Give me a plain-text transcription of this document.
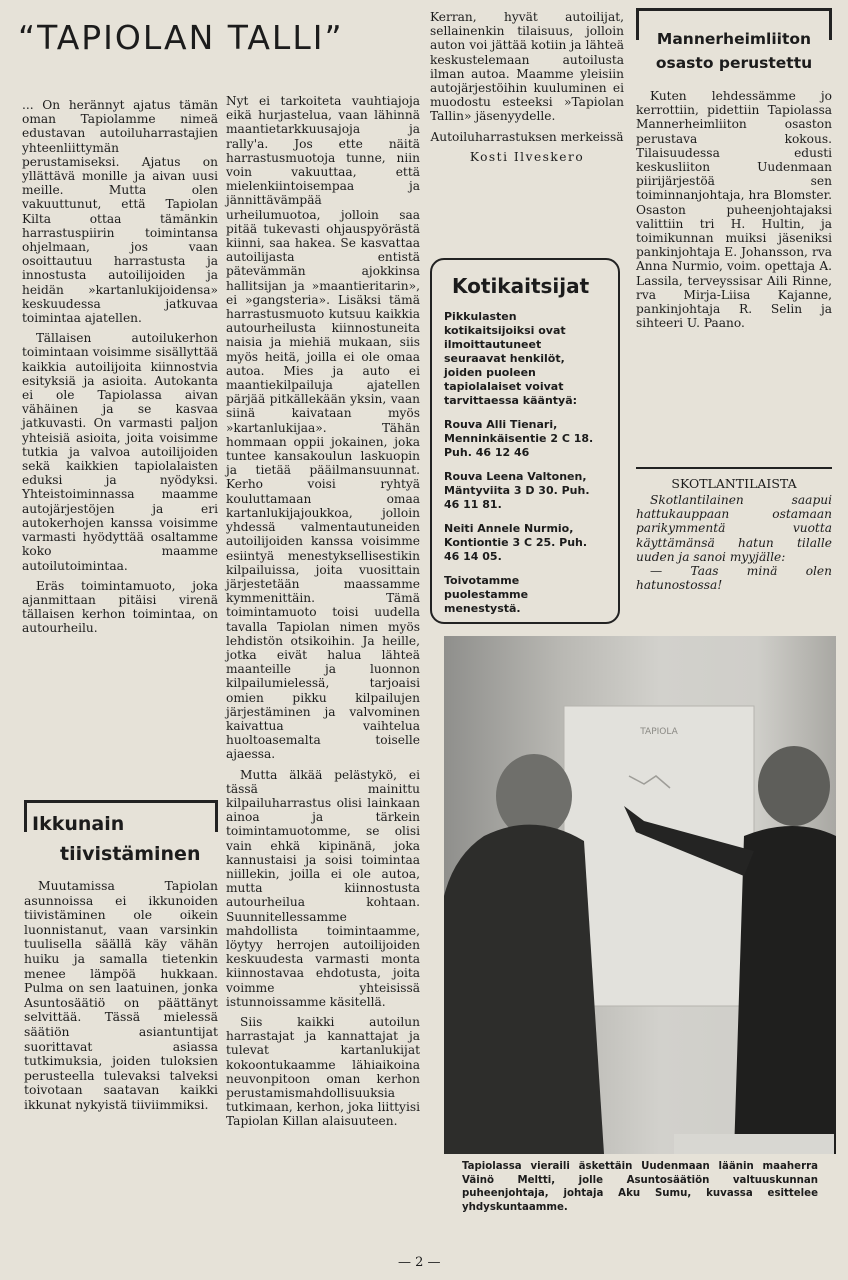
“TAPIOLAN TALLI”

... On herännyt ajatus tämän oman Tapiolamme nimeä edustavan autoiluharrastajien yhteenliittymän perustamiseksi. Ajatus on yllättävä monille ja aivan uusi meille. Mutta olen vakuuttunut, että Tapiolan Kilta ottaa tämänkin harrastuspiirin toimintansa ohjelmaan, jos vaan osoittautuu harrastusta ja innostusta autoilijoiden ja heidän »kartanlukijoidensa» keskuudessa jatkuvaa toimintaa ajatellen.

Tällaisen autoilukerhon toimintaan voisimme sisällyttää kaikkia autoilijoita kiinnostvia esityksiä ja asioita. Autokanta ei ole Tapiolassa aivan vähäinen ja se kasvaa jatkuvasti. On varmasti paljon yhteisiä asioita, joita voisimme tutkia ja valvoa autoilijoiden sekä kaikkien tapiolalaisten eduksi ja nyödyksi. Yhteistoiminnassa maamme autojärjestöjen ja eri autokerhojen kanssa voisimme varmasti hyödyttää osaltamme koko maamme autoilutoimintaa.

Eräs toimintamuoto, joka ajanmittaan pitäisi virenä tällaisen kerhon toimintaa, on autourheilu.

Ikkunain
tiivistäminen

Muutamissa Tapiolan asunnoissa ei ikkunoiden tiivistäminen ole oikein luonnistanut, vaan varsinkin tuulisella säällä käy vähän huiku ja samalla tietenkin menee lämpöä hukkaan. Pulma on sen laatuinen, jonka Asuntosäätiö on päättänyt selvittää. Tässä mielessä säätiön asiantuntijat suorittavat asiassa tutkimuksia, joiden tuloksien perusteella tulevaksi talveksi toivotaan saatavan kaikki ikkunat nykyistä tiiviimmiksi.

Nyt ei tarkoiteta vauhtiajoja eikä hurjastelua, vaan lähinnä maantietarkkuusajoja ja rally'a. Jos ette näitä harrastusmuotoja tunne, niin voin vakuuttaa, että mielenkiintoisempaa ja jännittävämpää urheilumuotoa, jolloin saa pitää tukevasti ohjauspyörästä kiinni, saa hakea. Se kasvattaa autoilijasta entistä pätevämmän ajokkinsa hallitsijan ja »maantieritarin», ei »gangsteria». Lisäksi tämä harrastusmuoto kutsuu kaikkia autourheilusta kiinnostuneita naisia ja miehiä mukaan, siis myös heitä, joilla ei ole omaa autoa. Mies ja auto ei maantiekilpailuja ajatellen pärjää pitkällekään yksin, vaan siinä kaivataan myös »kartanlukijaa». Tähän hommaan oppii jokainen, joka tuntee kansakoulun laskuopin ja tietää pääilmansuunnat. Kerho voisi ryhtyä kouluttamaan omaa kartanlukijajoukkoa, jolloin yhdessä valmentautuneiden autoilijoiden kanssa voisimme esiintyä menestyksellisestikin kilpailuissa, joita vuosittain järjestetään maassamme kymmenittäin. Tämä toimintamuoto toisi uudella tavalla Tapiolan nimen myös lehdistön otsikoihin. Ja heille, jotka eivät halua lähteä maanteille ja luonnon kilpailumielessä, tarjoaisi omien pikku kilpailujen järjestäminen ja valvominen kaivattua vaihtelua huoltoasemalta toiselle ajaessa.

Mutta älkää pelästykö, ei tässä mainittu kilpailuharrastus olisi lainkaan ainoa ja tärkein toimintamuotomme, se olisi vain ehkä kipinänä, joka kannustaisi ja soisi toimintaa niillekin, joilla ei ole autoa, mutta kiinnostusta autourheilua kohtaan. Suunnitellessamme mahdollista toimintaamme, löytyy herrojen autoilijoiden keskuudesta varmasti monta kiinnostavaa ehdotusta, joita voimme yhteisissä istunnoissamme käsitellä.

Siis kaikki autoilun harrastajat ja kannattajat ja tulevat kartanlukijat kokoontukaamme lähiaikoina neuvonpitoon oman kerhon perustamismahdollisuuksia tutkimaan, kerhon, joka liittyisi Tapiolan Killan alaisuuteen.

Kerran, hyvät autoilijat, sellainenkin tilaisuus, jolloin auton voi jättää kotiin ja lähteä keskustelemaan autoilusta ilman autoa. Maamme yleisiin autojärjestöihin kuuluminen ei muodostu esteeksi »Tapiolan Tallin» jäsenyydelle.

Autoiluharrastuksen merkeissä

Kosti Ilveskero

Kotikaitsijat

Pikkulasten kotikaitsijoiksi ovat ilmoittautuneet seuraavat henkilöt, joiden puoleen tapiolalaiset voivat tarvittaessa kääntyä:

Rouva Alli Tienari, Menninkäisentie 2 C 18. Puh. 46 12 46

Rouva Leena Valtonen, Mäntyviita 3 D 30. Puh. 46 11 81.

Neiti Annele Nurmio, Kontiontie 3 C 25. Puh. 46 14 05.

Toivotamme puolestamme menestystä.

Mannerheimliiton
osasto perustettu

Kuten lehdessämme jo kerrottiin, pidettiin Tapiolassa Mannerheimliiton osaston perustava kokous. Tilaisuudessa edusti keskusliiton Uudenmaan piirijärjestöä sen toiminnanjohtaja, hra Blomster. Osaston puheenjohtajaksi valittiin tri H. Hultin, ja toimikunnan muiksi jäseniksi pankinjohtaja E. Johansson, rva Anna Nurmio, voim. opettaja A. Lassila, terveyssisar Aili Rinne, rva Mirja-Liisa Kajanne, pankinjohtaja R. Selin ja sihteeri U. Paano.

SKOTLANTILAISTA

Skotlantilainen saapui hattukauppaan ostamaan parikymmentä vuotta käyttämänsä hatun tilalle uuden ja sanoi myyjälle:

— Taas minä olen hatunostossa!

TAPIOLA

Tapiolassa vieraili äskettäin Uudenmaan läänin maaherra Väinö Meltti, jolle Asuntosäätiön valtuuskunnan puheenjohtaja, johtaja Aku Sumu, kuvassa esittelee yhdyskuntaamme.

— 2 —
